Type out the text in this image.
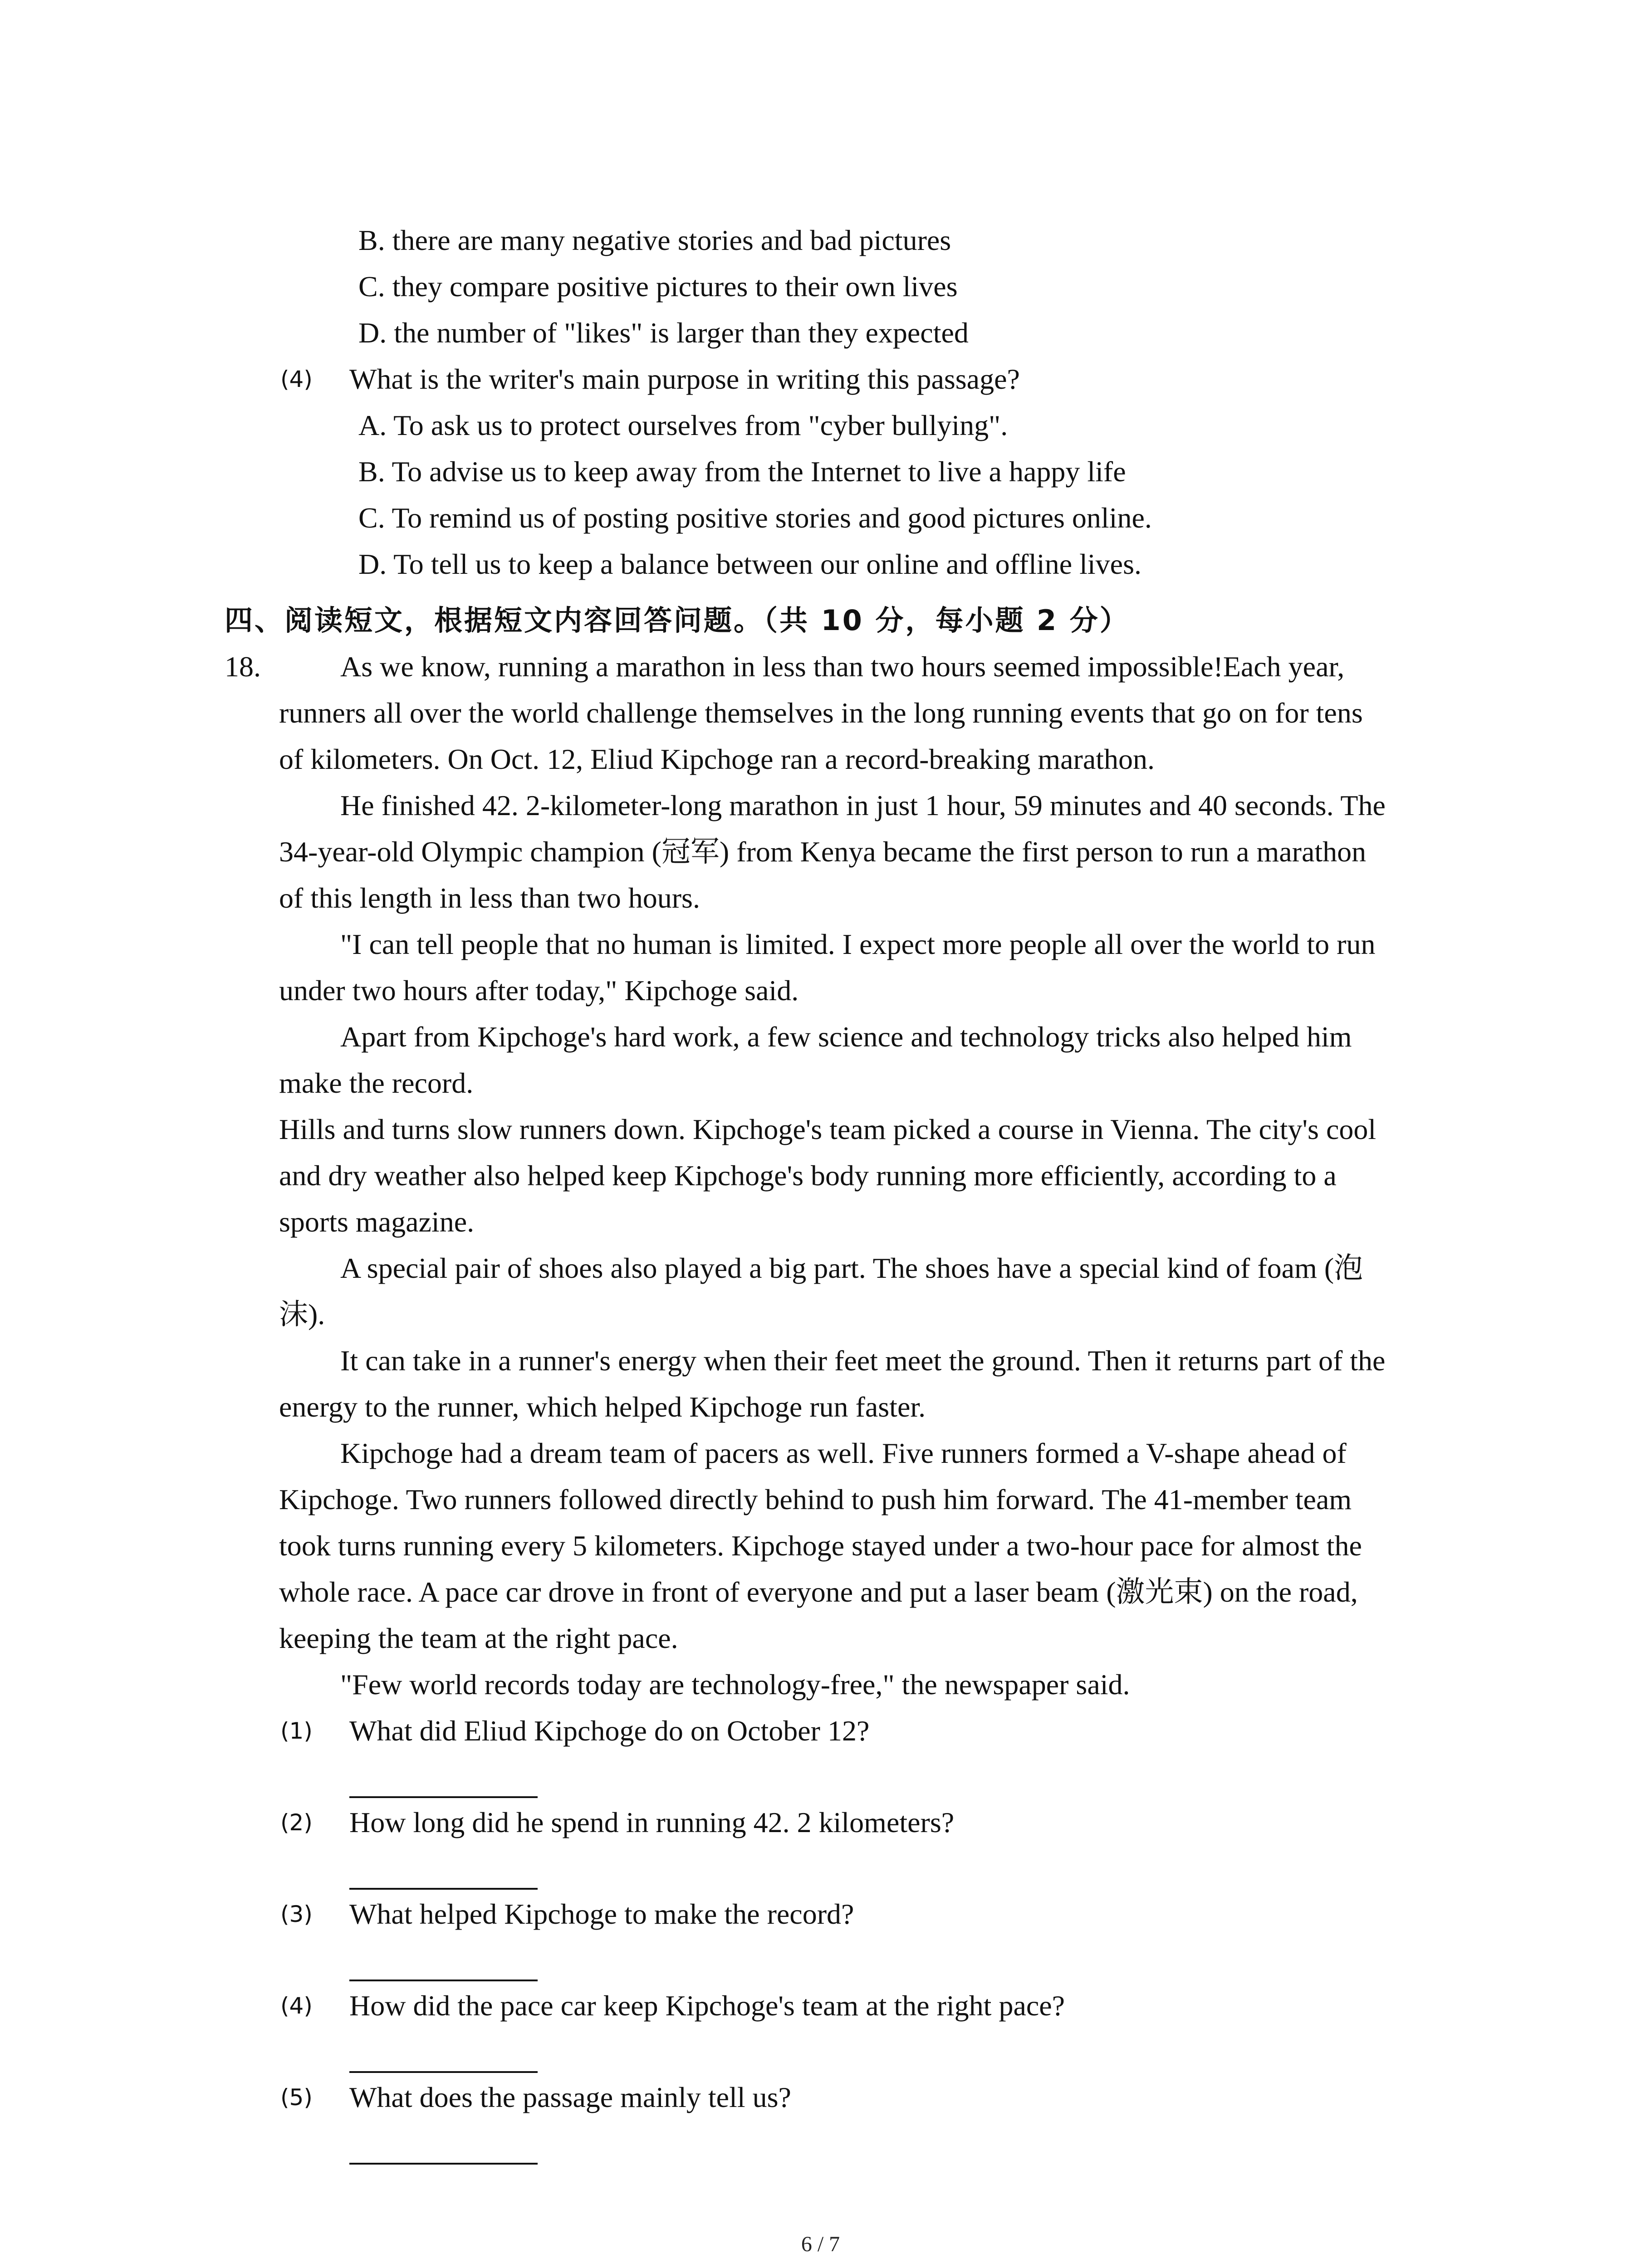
B. there are many negative stories and bad pictures
C. they compare positive pictures to their own lives
D. the number of "likes" is larger than they expected
(4) What is the writer's main purpose in writing this passage?
A. To ask us to protect ourselves from "cyber bullying".
B. To advise us to keep away from the Internet to live a happy life
C. To remind us of posting positive stories and good pictures online.
D. To tell us to keep a balance between our online and offline lives.
四、阅读短文，根据短文内容回答问题。（共 10 分，每小题 2 分）
18.	As we know, running a marathon in less than two hours seemed impossible!Each year,
runners all over the world challenge themselves in the long running events that go on for tens
of kilometers. On Oct. 12, Eliud Kipchoge ran a record-breaking marathon.
He finished 42. 2-kilometer-long marathon in just 1 hour, 59 minutes and 40 seconds. The
34-year-old Olympic champion (冠军) from Kenya became the first person to run a marathon
of this length in less than two hours.
"I can tell people that no human is limited. I expect more people all over the world to run
under two hours after today," Kipchoge said.
Apart from Kipchoge's hard work, a few science and technology tricks also helped him
make the record.
Hills and turns slow runners down. Kipchoge's team picked a course in Vienna. The city's cool
and dry weather also helped keep Kipchoge's body running more efficiently, according to a
sports magazine.
A special pair of shoes also played a big part. The shoes have a special kind of foam (泡
沫).
It can take in a runner's energy when their feet meet the ground. Then it returns part of the
energy to the runner, which helped Kipchoge run faster.
Kipchoge had a dream team of pacers as well. Five runners formed a V-shape ahead of
Kipchoge. Two runners followed directly behind to push him forward. The 41-member team
took turns running every 5 kilometers. Kipchoge stayed under a two-hour pace for almost the
whole race. A pace car drove in front of everyone and put a laser beam (激光束) on the road,
keeping the team at the right pace.
"Few world records today are technology-free," the newspaper said.
(1) What did Eliud Kipchoge do on October 12?
(2) How long did he spend in running 42. 2 kilometers?
(3) What helped Kipchoge to make the record?
(4) How did the pace car keep Kipchoge's team at the right pace?
(5) What does the passage mainly tell us?
6 / 7
